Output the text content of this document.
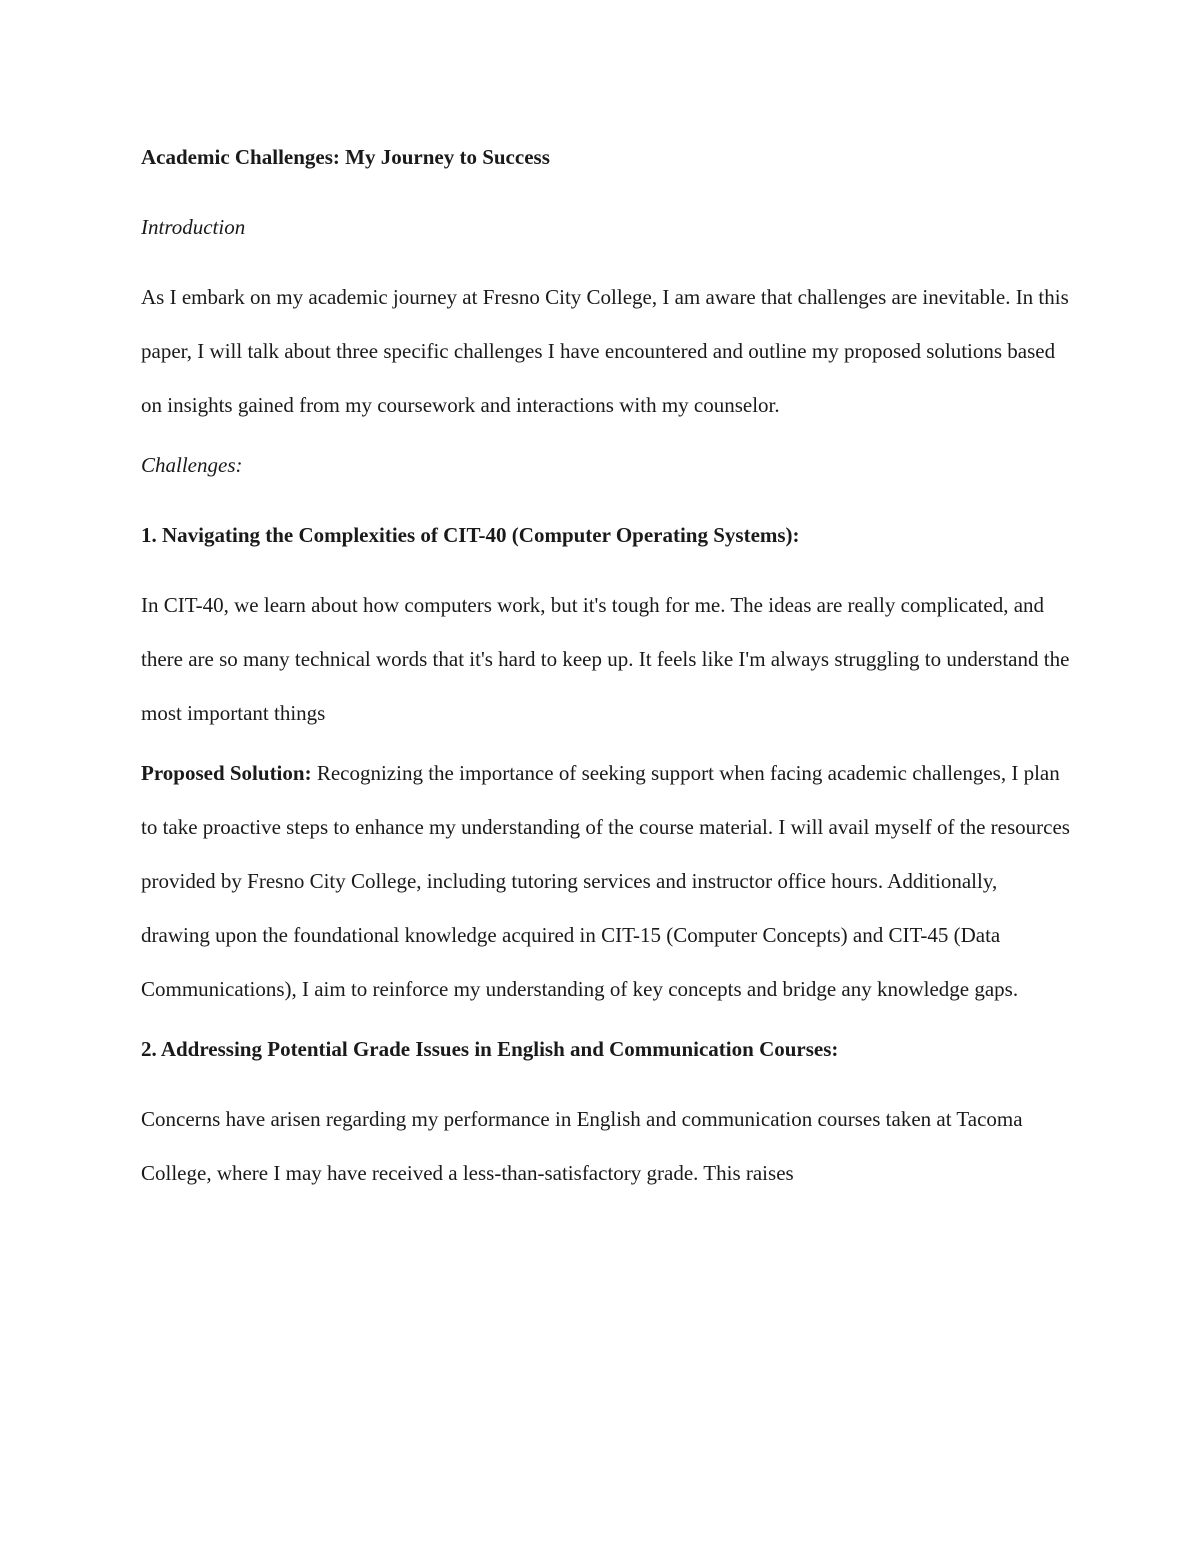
Academic Challenges: My Journey to Success

Introduction

As I embark on my academic journey at Fresno City College, I am aware that challenges are inevitable. In this paper, I will talk about three specific challenges I have encountered and outline my proposed solutions based on insights gained from my coursework and interactions with my counselor.

Challenges:

1. Navigating the Complexities of CIT-40 (Computer Operating Systems):

In CIT-40, we learn about how computers work, but it's tough for me. The ideas are really complicated, and there are so many technical words that it's hard to keep up. It feels like I'm always struggling to understand the most important things

Proposed Solution: Recognizing the importance of seeking support when facing academic challenges, I plan to take proactive steps to enhance my understanding of the course material. I will avail myself of the resources provided by Fresno City College, including tutoring services and instructor office hours. Additionally, drawing upon the foundational knowledge acquired in CIT-15 (Computer Concepts) and CIT-45 (Data Communications), I aim to reinforce my understanding of key concepts and bridge any knowledge gaps.

2. Addressing Potential Grade Issues in English and Communication Courses:

Concerns have arisen regarding my performance in English and communication courses taken at Tacoma College, where I may have received a less-than-satisfactory grade. This raises
